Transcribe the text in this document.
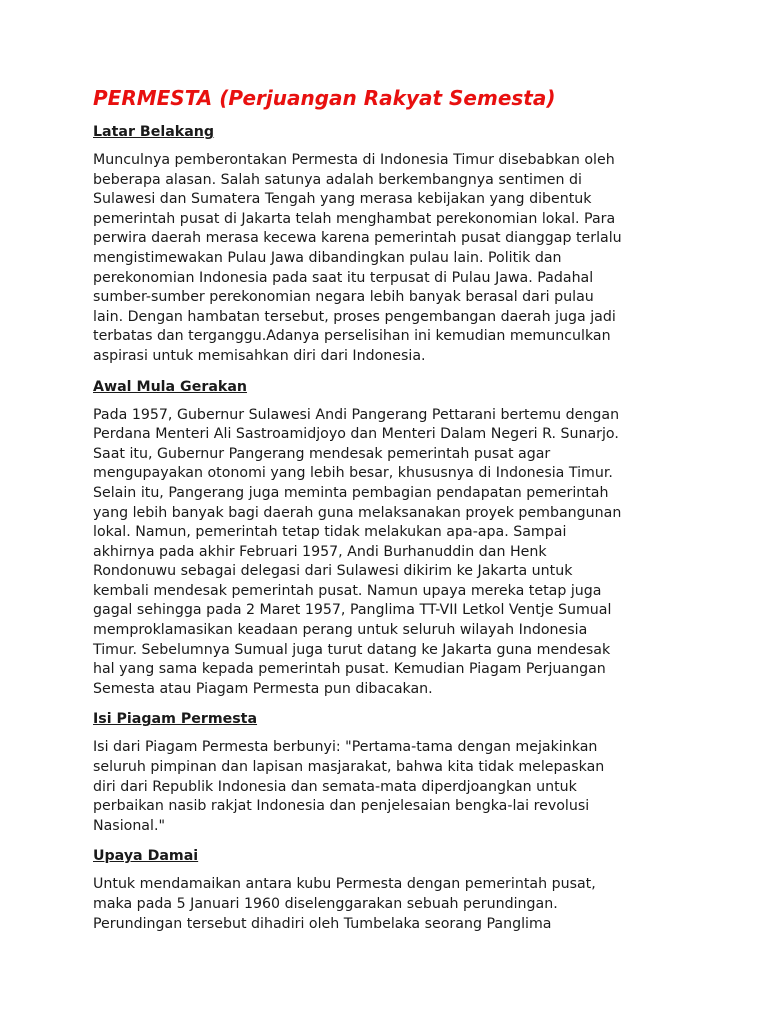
PERMESTA (Perjuangan Rakyat Semesta)
Latar Belakang
Munculnya pemberontakan Permesta di Indonesia Timur disebabkan oleh
beberapa alasan. Salah satunya adalah berkembangnya sentimen di
Sulawesi dan Sumatera Tengah yang merasa kebijakan yang dibentuk
pemerintah pusat di Jakarta telah menghambat perekonomian lokal. Para
perwira daerah merasa kecewa karena pemerintah pusat dianggap terlalu
mengistimewakan Pulau Jawa dibandingkan pulau lain. Politik dan
perekonomian Indonesia pada saat itu terpusat di Pulau Jawa. Padahal
sumber-sumber perekonomian negara lebih banyak berasal dari pulau
lain. Dengan hambatan tersebut, proses pengembangan daerah juga jadi
terbatas dan terganggu.Adanya perselisihan ini kemudian memunculkan
aspirasi untuk memisahkan diri dari Indonesia.
Awal Mula Gerakan
Pada 1957, Gubernur Sulawesi Andi Pangerang Pettarani bertemu dengan
Perdana Menteri Ali Sastroamidjoyo dan Menteri Dalam Negeri R. Sunarjo.
Saat itu, Gubernur Pangerang mendesak pemerintah pusat agar
mengupayakan otonomi yang lebih besar, khususnya di Indonesia Timur.
Selain itu, Pangerang juga meminta pembagian pendapatan pemerintah
yang lebih banyak bagi daerah guna melaksanakan proyek pembangunan
lokal. Namun, pemerintah tetap tidak melakukan apa-apa. Sampai
akhirnya pada akhir Februari 1957, Andi Burhanuddin dan Henk
Rondonuwu sebagai delegasi dari Sulawesi dikirim ke Jakarta untuk
kembali mendesak pemerintah pusat. Namun upaya mereka tetap juga
gagal sehingga pada 2 Maret 1957, Panglima TT-VII Letkol Ventje Sumual
memproklamasikan keadaan perang untuk seluruh wilayah Indonesia
Timur. Sebelumnya Sumual juga turut datang ke Jakarta guna mendesak
hal yang sama kepada pemerintah pusat. Kemudian Piagam Perjuangan
Semesta atau Piagam Permesta pun dibacakan.
Isi Piagam Permesta
Isi dari Piagam Permesta berbunyi: "Pertama-tama dengan mejakinkan
seluruh pimpinan dan lapisan masjarakat, bahwa kita tidak melepaskan
diri dari Republik Indonesia dan semata-mata diperdjoangkan untuk
perbaikan nasib rakjat Indonesia dan penjelesaian bengka-lai revolusi
Nasional."
Upaya Damai
Untuk mendamaikan antara kubu Permesta dengan pemerintah pusat,
maka pada 5 Januari 1960 diselenggarakan sebuah perundingan.
Perundingan tersebut dihadiri oleh Tumbelaka seorang Panglima
